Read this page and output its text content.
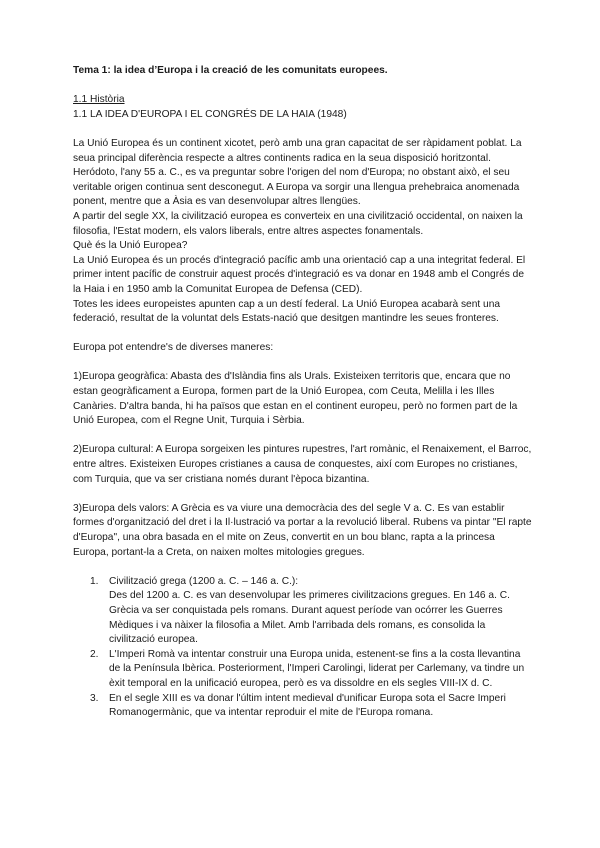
Tema 1: la idea d’Europa i la creació de les comunitats europees.

1.1 Història

1.1 LA IDEA D'EUROPA I EL CONGRÉS DE LA HAIA (1948)

La Unió Europea és un continent xicotet, però amb una gran capacitat de ser ràpidament poblat. La seua principal diferència respecte a altres continents radica en la seua disposició horitzontal.

Heródoto, l'any 55 a. C., es va preguntar sobre l'origen del nom d'Europa; no obstant això, el seu veritable origen continua sent desconegut. A Europa va sorgir una llengua prehebraica anomenada ponent, mentre que a Àsia es van desenvolupar altres llengües.

A partir del segle XX, la civilització europea es converteix en una civilització occidental, on naixen la filosofia, l'Estat modern, els valors liberals, entre altres aspectes fonamentals.

Què és la Unió Europea?

La Unió Europea és un procés d'integració pacífic amb una orientació cap a una integritat federal. El primer intent pacífic de construir aquest procés d'integració es va donar en 1948 amb el Congrés de la Haia i en 1950 amb la Comunitat Europea de Defensa (CED).

Totes les idees europeistes apunten cap a un destí federal. La Unió Europea acabarà sent una federació, resultat de la voluntat dels Estats-nació que desitgen mantindre les seues fronteres.

Europa pot entendre's de diverses maneres:

1)Europa geogràfica: Abasta des d'Islàndia fins als Urals. Existeixen territoris que, encara que no estan geogràficament a Europa, formen part de la Unió Europea, com Ceuta, Melilla i les Illes Canàries. D'altra banda, hi ha països que estan en el continent europeu, però no formen part de la Unió Europea, com el Regne Unit, Turquia i Sèrbia.

2)Europa cultural: A Europa sorgeixen les pintures rupestres, l'art romànic, el Renaixement, el Barroc, entre altres. Existeixen Europes cristianes a causa de conquestes, així com Europes no cristianes, com Turquia, que va ser cristiana només durant l'època bizantina.

3)Europa dels valors: A Grècia es va viure una democràcia des del segle V a. C. Es van establir formes d'organització del dret i la Il·lustració va portar a la revolució liberal. Rubens va pintar "El rapte d'Europa", una obra basada en el mite on Zeus, convertit en un bou blanc, rapta a la princesa Europa, portant-la a Creta, on naixen moltes mitologies gregues.

1. Civilització grega (1200 a. C. – 146 a. C.):

Des del 1200 a. C. es van desenvolupar les primeres civilitzacions gregues. En 146 a. C. Grècia va ser conquistada pels romans. Durant aquest període van ocórrer les Guerres Mèdiques i va nàixer la filosofia a Milet. Amb l'arribada dels romans, es consolida la civilització europea.

2. L'Imperi Romà va intentar construir una Europa unida, estenent-se fins a la costa llevantina de la Península Ibèrica. Posteriorment, l'Imperi Carolingi, liderat per Carlemany, va tindre un èxit temporal en la unificació europea, però es va dissoldre en els segles VIII-IX d. C.

3. En el segle XIII es va donar l'últim intent medieval d'unificar Europa sota el Sacre Imperi Romanogermànic, que va intentar reproduir el mite de l'Europa romana.
